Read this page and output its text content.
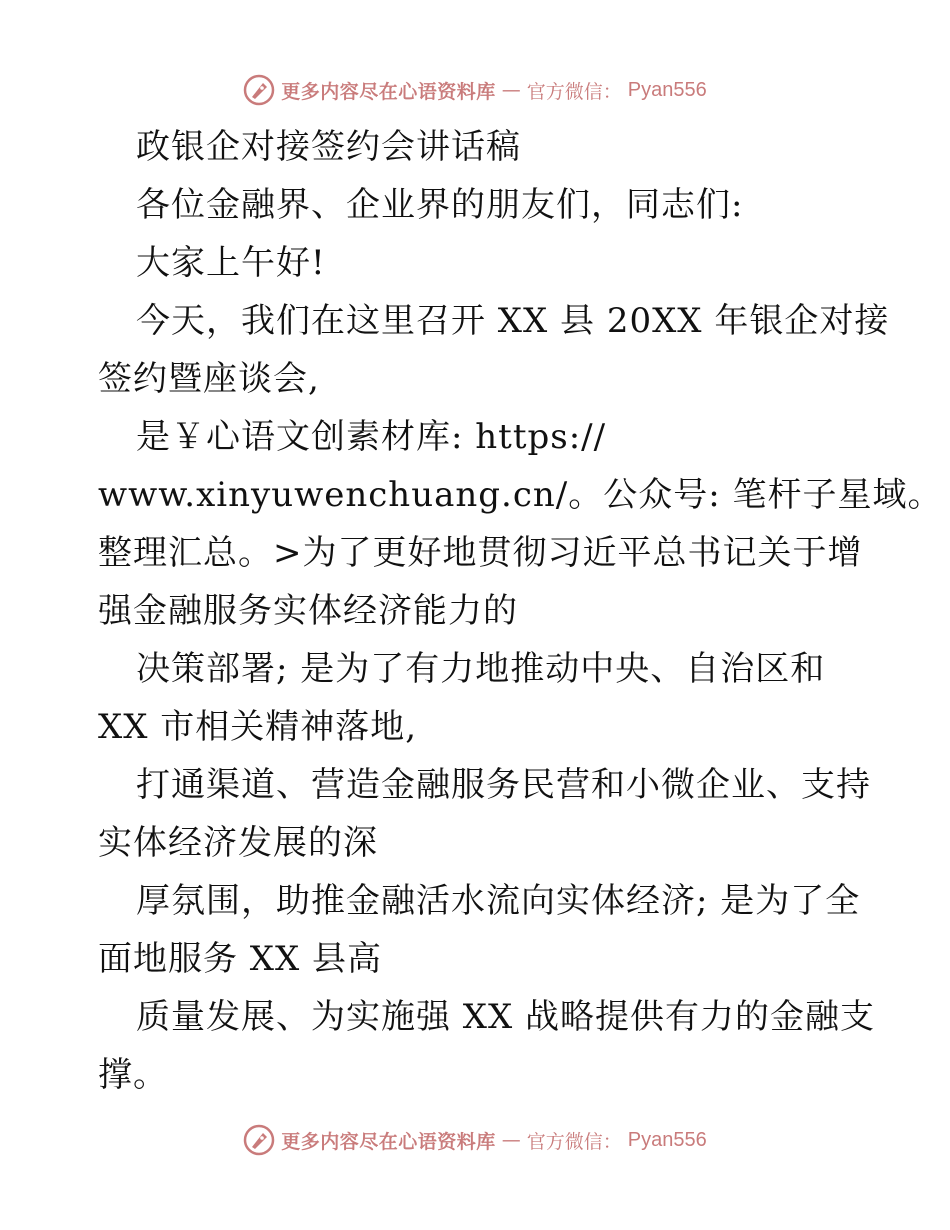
更多内容尽在心语资料库 — 官方微信： Pyan556
政银企对接签约会讲话稿
各位金融界、企业界的朋友们，同志们:
大家上午好!
今天，我们在这里召开 XX 县 20XX 年银企对接
签约暨座谈会,
是￥心语文创素材库: https://
www.xinyuwenchuang.cn/。公众号: 笔杆子星域。
整理汇总。>为了更好地贯彻习近平总书记关于增
强金融服务实体经济能力的
决策部署; 是为了有力地推动中央、自治区和
XX 市相关精神落地,
打通渠道、营造金融服务民营和小微企业、支持
实体经济发展的深
厚氛围，助推金融活水流向实体经济; 是为了全
面地服务 XX 县高
质量发展、为实施强 XX 战略提供有力的金融支
撑。
更多内容尽在心语资料库 — 官方微信： Pyan556
